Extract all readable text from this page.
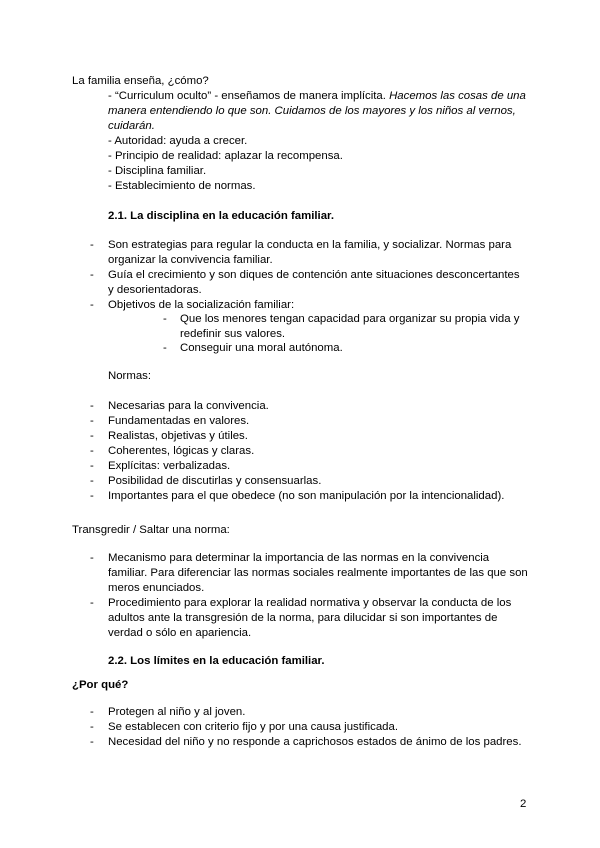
La familia enseña, ¿cómo?
- “Curriculum oculto” - enseñamos de manera implícita. Hacemos las cosas de una manera entendiendo lo que son. Cuidamos de los mayores y los niños al vernos, cuidarán.
- Autoridad: ayuda a crecer.
- Principio de realidad: aplazar la recompensa.
- Disciplina familiar.
- Establecimiento de normas.
2.1. La disciplina en la educación familiar.
- Son estrategias para regular la conducta en la familia, y socializar. Normas para organizar la convivencia familiar.
- Guía el crecimiento y son diques de contención ante situaciones desconcertantes y desorientadoras.
- Objetivos de la socialización familiar:
- Que los menores tengan capacidad para organizar su propia vida y redefinir sus valores.
- Conseguir una moral autónoma.
Normas:
- Necesarias para la convivencia.
- Fundamentadas en valores.
- Realistas, objetivas y útiles.
- Coherentes, lógicas y claras.
- Explícitas: verbalizadas.
- Posibilidad de discutirlas y consensuarlas.
- Importantes para el que obedece (no son manipulación por la intencionalidad).
Transgredir / Saltar una norma:
- Mecanismo para determinar la importancia de las normas en la convivencia familiar. Para diferenciar las normas sociales realmente importantes de las que son meros enunciados.
- Procedimiento para explorar la realidad normativa y observar la conducta de los adultos ante la transgresión de la norma, para dilucidar si son importantes de verdad o sólo en apariencia.
2.2. Los límites en la educación familiar.
¿Por qué?
- Protegen al niño y al joven.
- Se establecen con criterio fijo y por una causa justificada.
- Necesidad del niño y no responde a caprichosos estados de ánimo de los padres.
2
